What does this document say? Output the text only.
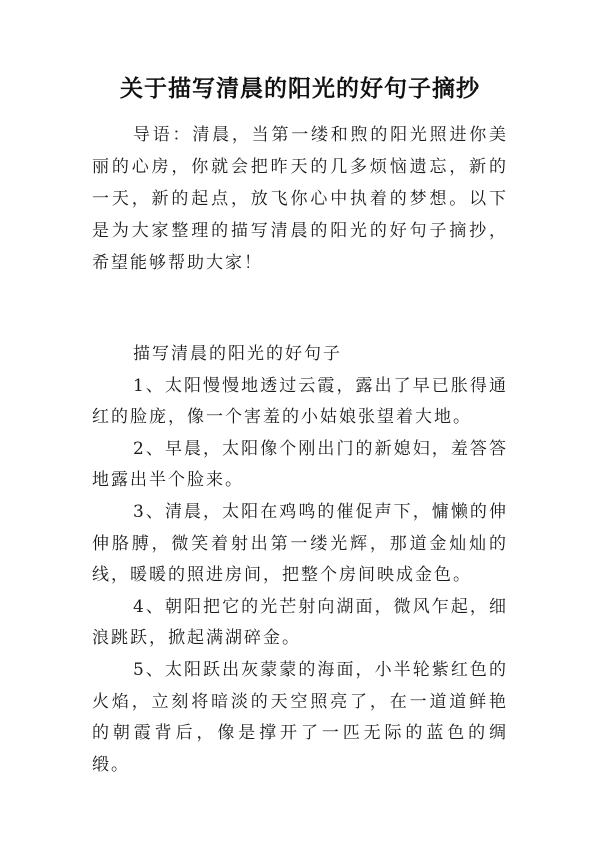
关于描写清晨的阳光的好句子摘抄

导语：清晨，当第一缕和煦的阳光照进你美丽的心房，你就会把昨天的几多烦恼遗忘，新的一天，新的起点，放飞你心中执着的梦想。以下是为大家整理的描写清晨的阳光的好句子摘抄，希望能够帮助大家！

描写清晨的阳光的好句子

1、太阳慢慢地透过云霞，露出了早已胀得通红的脸庞，像一个害羞的小姑娘张望着大地。

2、早晨，太阳像个刚出门的新媳妇，羞答答地露出半个脸来。

3、清晨，太阳在鸡鸣的催促声下，慵懒的伸伸胳膊，微笑着射出第一缕光辉，那道金灿灿的线，暖暖的照进房间，把整个房间映成金色。

4、朝阳把它的光芒射向湖面，微风乍起，细浪跳跃，掀起满湖碎金。

5、太阳跃出灰蒙蒙的海面，小半轮紫红色的火焰，立刻将暗淡的天空照亮了，在一道道鲜艳的朝霞背后，像是撑开了一匹无际的蓝色的绸缎。
